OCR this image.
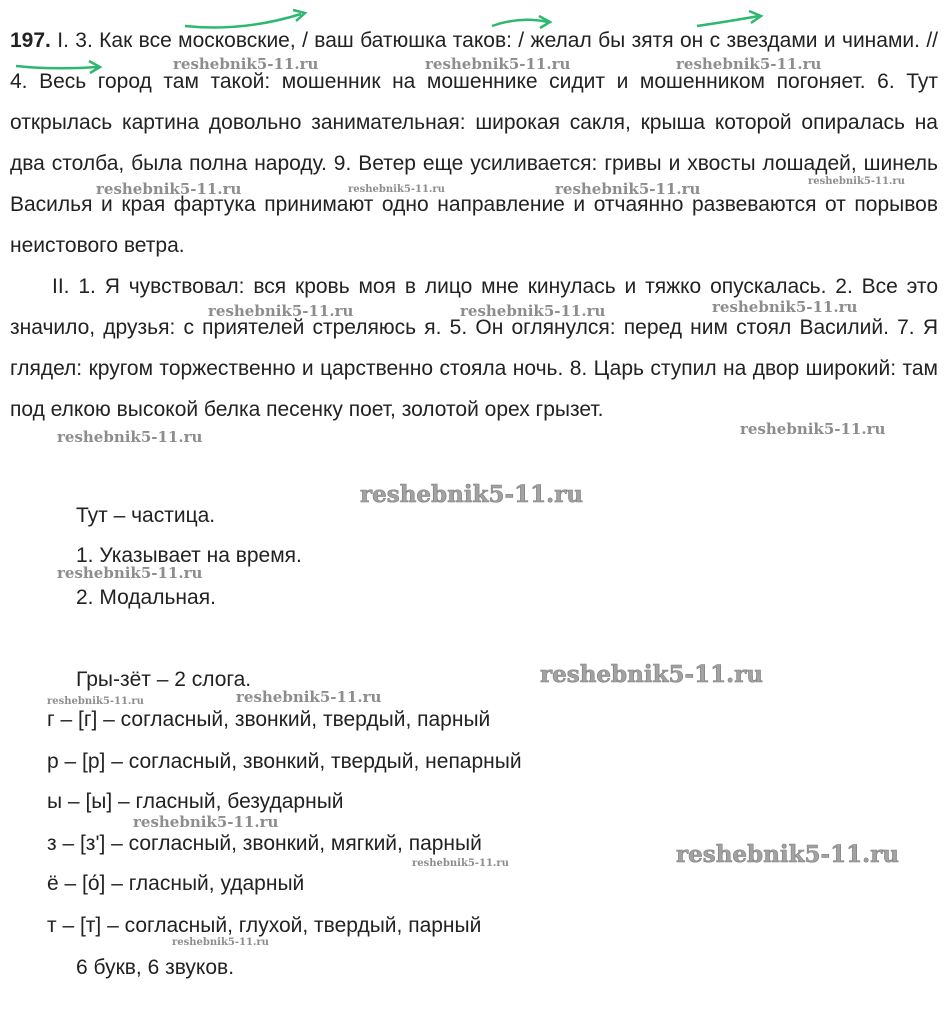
197. І. 3. Как все московские, / ваш батюшка таков: / желал бы зятя он с звездами и чинами. // 4. Весь город там такой: мошенник на мошеннике сидит и мошенником погоняет. 6. Тут открылась картина довольно занимательная: широкая сакля, крыша которой опиралась на два столба, была полна народу. 9. Ветер еще усиливается: гривы и хвосты лошадей, шинель Василья и края фартука принимают одно направление и отчаянно развеваются от порывов неистового ветра.
ІІ. 1. Я чувствовал: вся кровь моя в лицо мне кинулась и тяжко опускалась. 2. Все это значило, друзья: с приятелей стреляюсь я. 5. Он оглянулся: перед ним стоял Василий. 7. Я глядел: кругом торжественно и царственно стояла ночь. 8. Царь ступил на двор широкий: там под елкою высокой белка песенку поет, золотой орех грызет.
Тут – частица.
1. Указывает на время.
2. Модальная.
Гры-зёт – 2 слога.
г – [г] – согласный, звонкий, твердый, парный
р – [р] – согласный, звонкий, твердый, непарный
ы – [ы] – гласный, безударный
з – [з'] – согласный, звонкий, мягкий, парный
ё – [о́] – гласный, ударный
т – [т] – согласный, глухой, твердый, парный
6 букв, 6 звуков.
reshebnik5-11.ru	reshebnik5-11.ru	reshebnik5-11.ru
reshebnik5-11.ru	reshebnik5-11.ru	reshebnik5-11.ru	reshebnik5-11.ru
reshebnik5-11.ru	reshebnik5-11.ru	reshebnik5-11.ru
reshebnik5-11.ru	reshebnik5-11.ru
reshebnik5-11.ru
reshebnik5-11.ru
reshebnik5-11.ru
reshebnik5-11.ru	reshebnik5-11.ru
reshebnik5-11.ru
reshebnik5-11.ru
reshebnik5-11.ru
reshebnik5-11.ru
